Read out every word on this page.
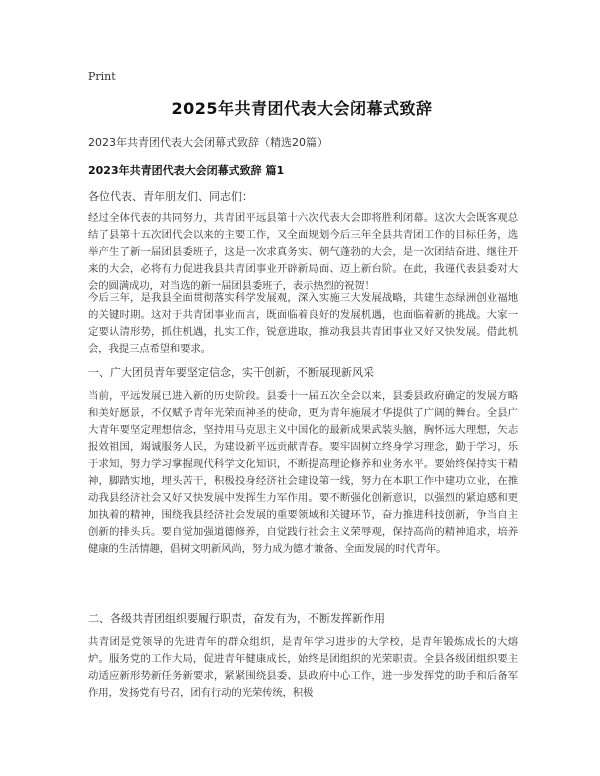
Print
2025年共青团代表大会闭幕式致辞
2023年共青团代表大会闭幕式致辞（精选20篇）
2023年共青团代表大会闭幕式致辞 篇1
各位代表、青年朋友们、同志们：

经过全体代表的共同努力，共青团平远县第十六次代表大会即将胜利闭幕。这次大会既客观总结了县第十五次团代会以来的主要工作，又全面规划今后三年全县共青团工作的目标任务，选举产生了新一届团县委班子，这是一次求真务实、朝气蓬勃的大会，是一次团结奋进、继往开来的大会，必将有力促进我县共青团事业开辟新局面、迈上新台阶。在此，我谨代表县委对大会的圆满成功，对当选的新一届团县委班子，表示热烈的祝贺！

今后三年，是我县全面贯彻落实科学发展观，深入实施三大发展战略，共建生态绿洲创业福地的关键时期。这对于共青团事业而言，既面临着良好的发展机遇，也面临着新的挑战。大家一定要认清形势，抓住机遇，扎实工作，锐意进取，推动我县共青团事业又好又快发展。借此机会，我提三点希望和要求。

一、广大团员青年要坚定信念，实干创新，不断展现新风采

当前，平远发展已进入新的历史阶段。县委十一届五次全会以来，县委县政府确定的发展方略和美好愿景，不仅赋予青年光荣而神圣的使命，更为青年施展才华提供了广阔的舞台。全县广大青年要坚定理想信念，坚持用马克思主义中国化的最新成果武装头脑，胸怀远大理想，矢志报效祖国，竭诚服务人民，为建设新平远贡献青春。要牢固树立终身学习理念，勤于学习，乐于求知，努力学习掌握现代科学文化知识，不断提高理论修养和业务水平。要始终保持实干精神，脚踏实地，埋头苦干，积极投身经济社会建设第一线，努力在本职工作中建功立业，在推动我县经济社会又好又快发展中发挥生力军作用。要不断强化创新意识，以强烈的紧迫感和更加执着的精神，围绕我县经济社会发展的重要领域和关键环节，奋力推进科技创新，争当自主创新的排头兵。要自觉加强道德修养，自觉践行社会主义荣辱观，保持高尚的精神追求，培养健康的生活情趣，倡树文明新风尚，努力成为德才兼备、全面发展的时代青年。

二、各级共青团组织要履行职责，奋发有为，不断发挥新作用

共青团是党领导的先进青年的群众组织，是青年学习进步的大学校，是青年锻炼成长的大熔炉。服务党的工作大局，促进青年健康成长，始终是团组织的光荣职责。全县各级团组织要主动适应新形势新任务新要求，紧紧围绕县委、县政府中心工作，进一步发挥党的助手和后备军作用，发扬党有号召，团有行动的光荣传统，积极
